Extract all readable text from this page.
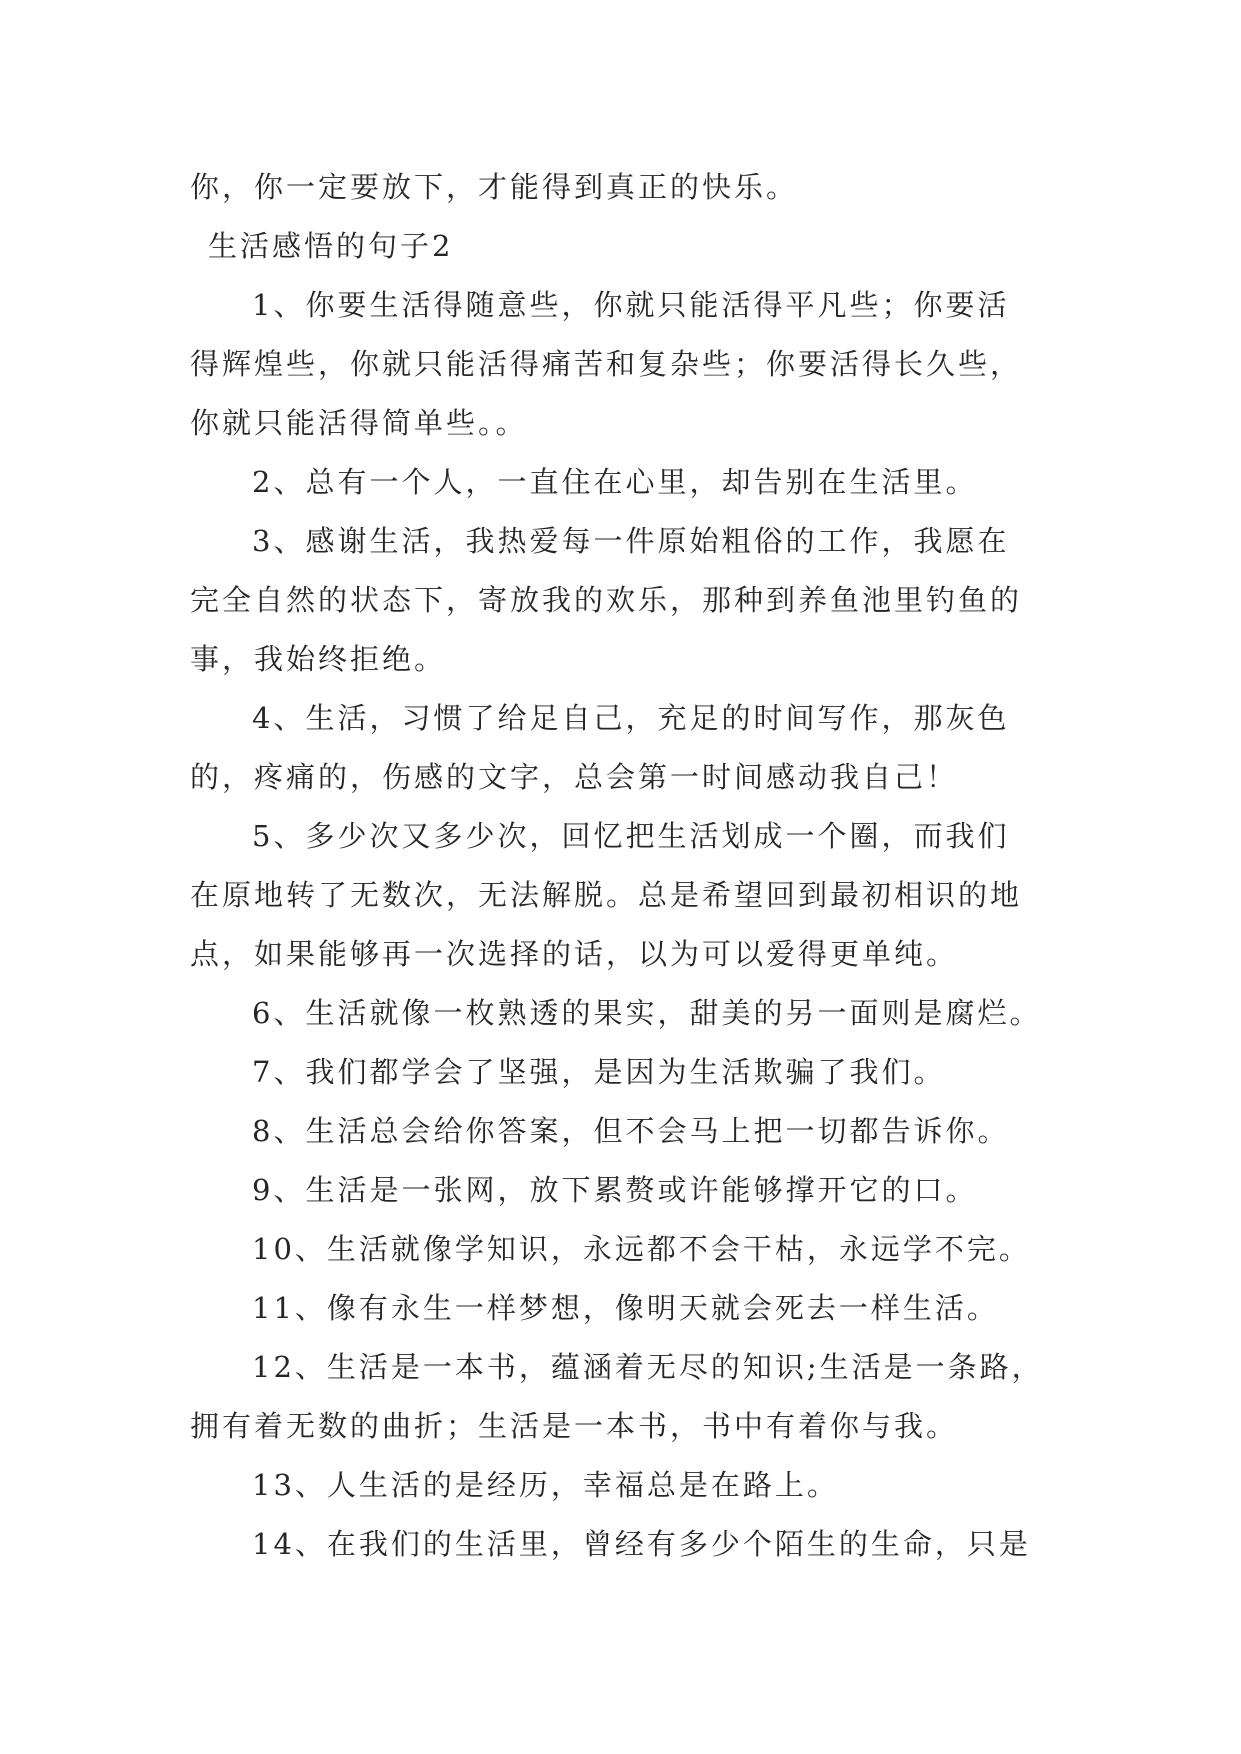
你，你一定要放下，才能得到真正的快乐。

生活感悟的句子2

1、你要生活得随意些，你就只能活得平凡些；你要活

得辉煌些，你就只能活得痛苦和复杂些；你要活得长久些，

你就只能活得简单些。。

2、总有一个人，一直住在心里，却告别在生活里。

3、感谢生活，我热爱每一件原始粗俗的工作，我愿在

完全自然的状态下，寄放我的欢乐，那种到养鱼池里钓鱼的

事，我始终拒绝。

4、生活，习惯了给足自己，充足的时间写作，那灰色

的，疼痛的，伤感的文字，总会第一时间感动我自己！

5、多少次又多少次，回忆把生活划成一个圈，而我们

在原地转了无数次，无法解脱。总是希望回到最初相识的地

点，如果能够再一次选择的话，以为可以爱得更单纯。

6、生活就像一枚熟透的果实，甜美的另一面则是腐烂。

7、我们都学会了坚强，是因为生活欺骗了我们。

8、生活总会给你答案，但不会马上把一切都告诉你。

9、生活是一张网，放下累赘或许能够撑开它的口。

10、生活就像学知识，永远都不会干枯，永远学不完。

11、像有永生一样梦想，像明天就会死去一样生活。

12、生活是一本书，蕴涵着无尽的知识;生活是一条路，

拥有着无数的曲折；生活是一本书，书中有着你与我。

13、人生活的是经历，幸福总是在路上。

14、在我们的生活里，曾经有多少个陌生的生命，只是
